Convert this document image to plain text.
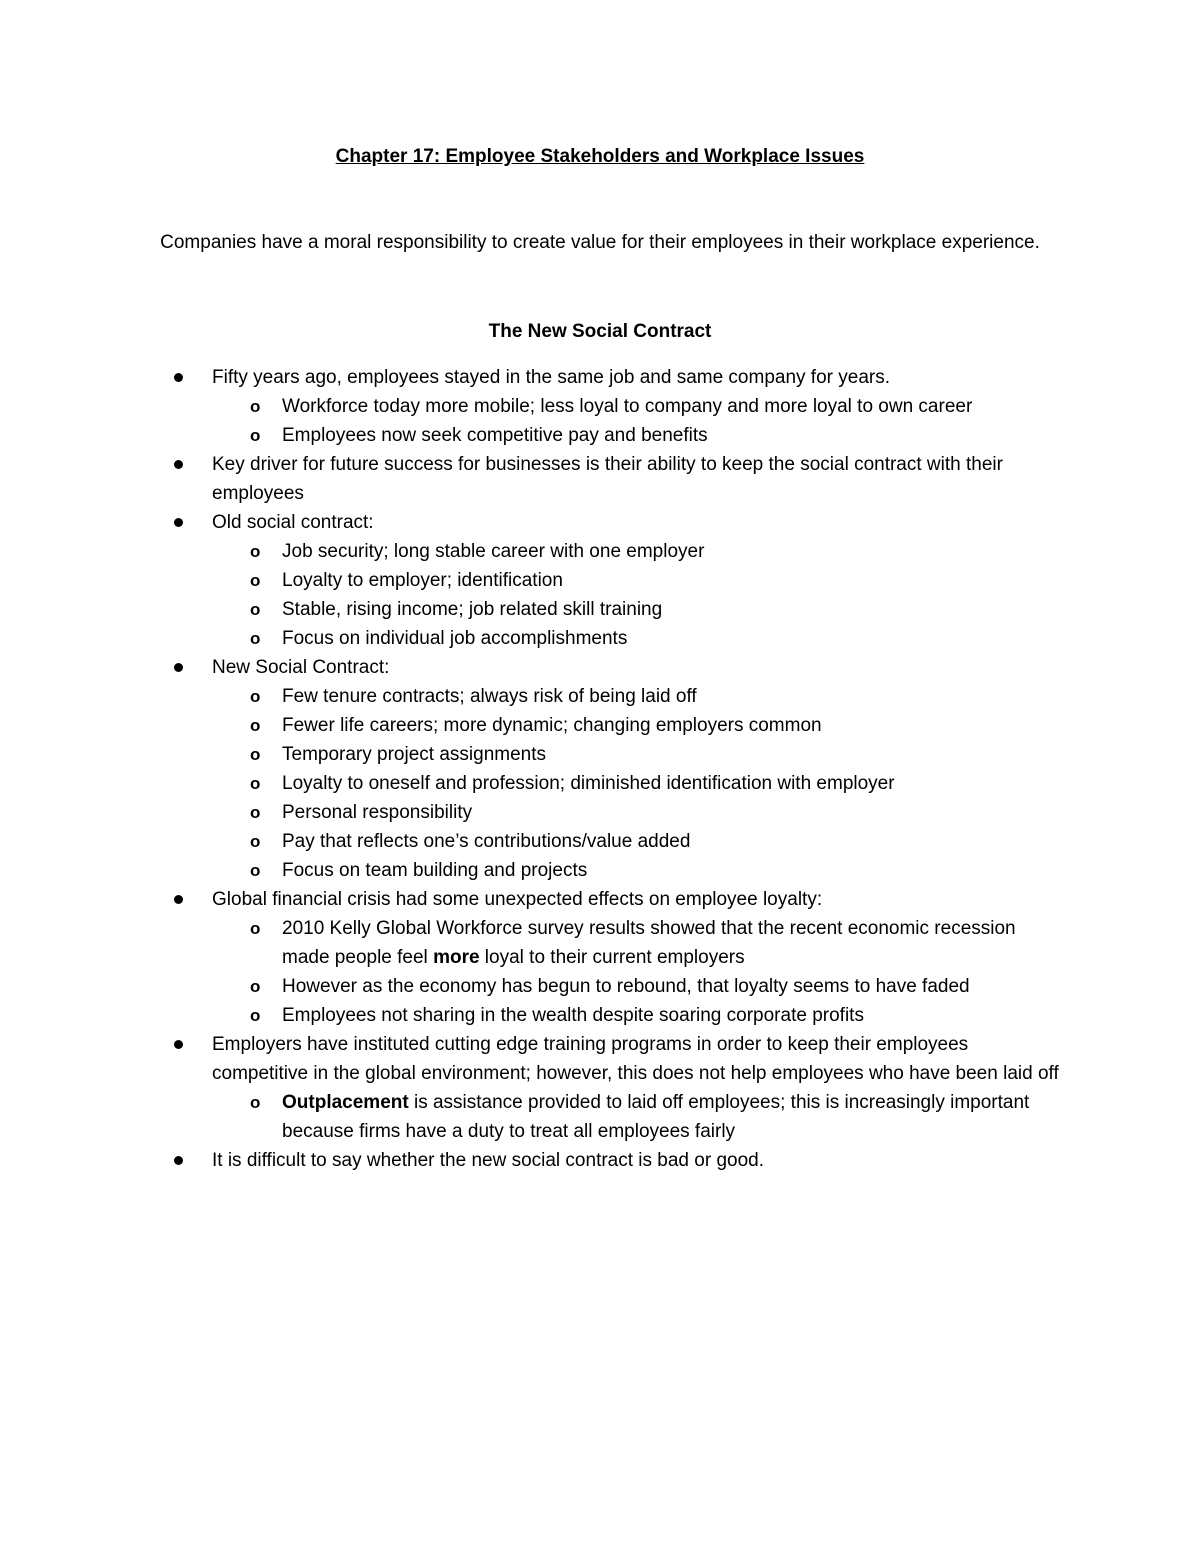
Chapter 17: Employee Stakeholders and Workplace Issues
Companies have a moral responsibility to create value for their employees in their workplace experience.
The New Social Contract
Fifty years ago, employees stayed in the same job and same company for years.
o Workforce today more mobile; less loyal to company and more loyal to own career
o Employees now seek competitive pay and benefits
Key driver for future success for businesses is their ability to keep the social contract with their employees
Old social contract:
o Job security; long stable career with one employer
o Loyalty to employer; identification
o Stable, rising income; job related skill training
o Focus on individual job accomplishments
New Social Contract:
o Few tenure contracts; always risk of being laid off
o Fewer life careers; more dynamic; changing employers common
o Temporary project assignments
o Loyalty to oneself and profession; diminished identification with employer
o Personal responsibility
o Pay that reflects one’s contributions/value added
o Focus on team building and projects
Global financial crisis had some unexpected effects on employee loyalty:
o 2010 Kelly Global Workforce survey results showed that the recent economic recession made people feel more loyal to their current employers
o However as the economy has begun to rebound, that loyalty seems to have faded
o Employees not sharing in the wealth despite soaring corporate profits
Employers have instituted cutting edge training programs in order to keep their employees competitive in the global environment; however, this does not help employees who have been laid off
o Outplacement is assistance provided to laid off employees; this is increasingly important because firms have a duty to treat all employees fairly
It is difficult to say whether the new social contract is bad or good.
